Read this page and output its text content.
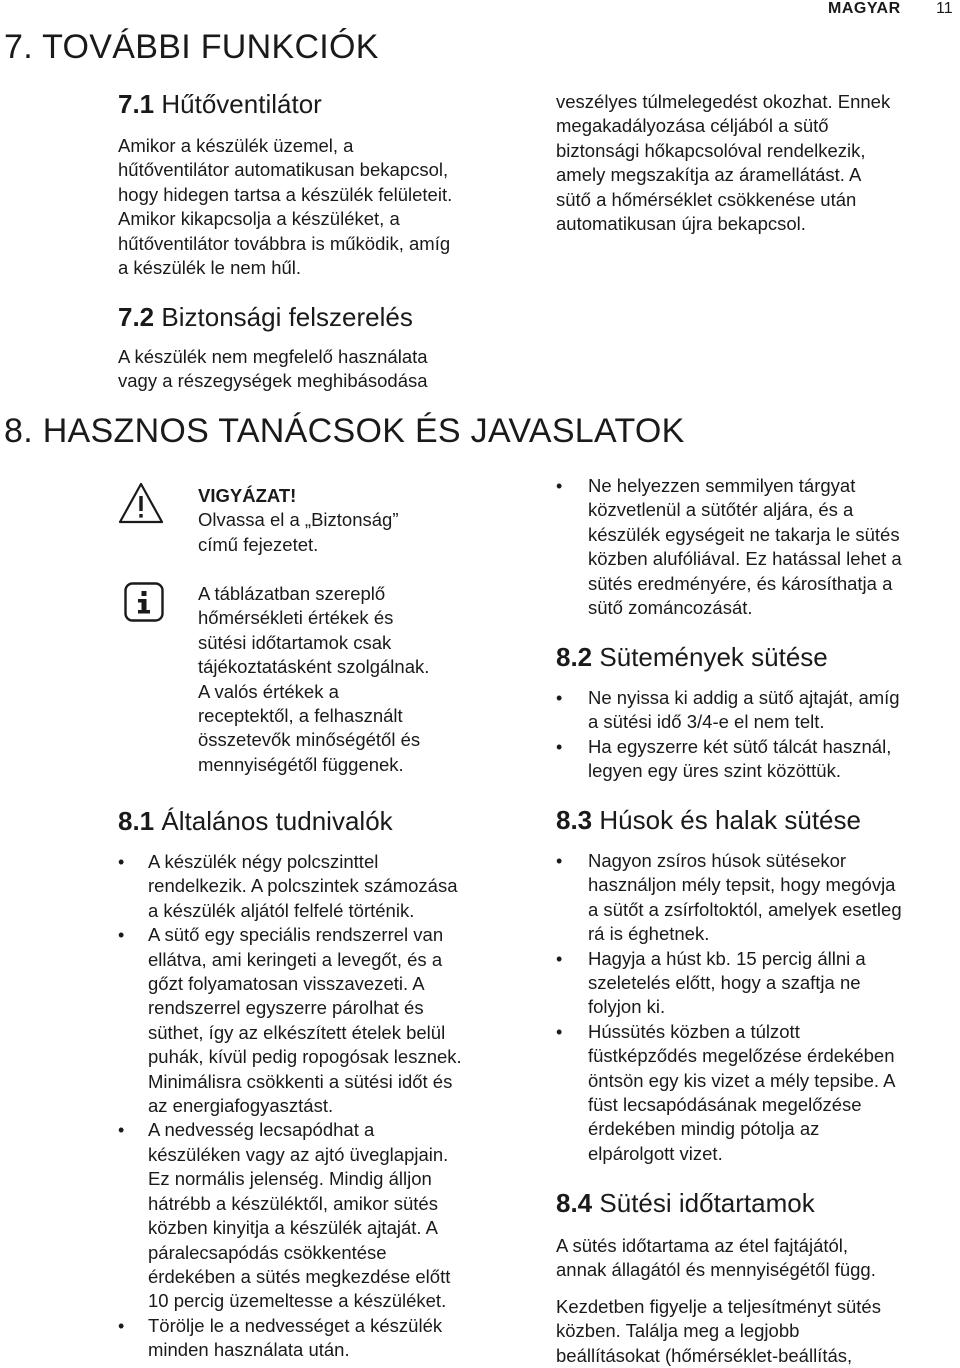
MAGYAR 11
7. TOVÁBBI FUNKCIÓK
7.1 Hűtőventilátor
Amikor a készülék üzemel, a
hűtőventilátor automatikusan bekapcsol,
hogy hidegen tartsa a készülék felületeit.
Amikor kikapcsolja a készüléket, a
hűtőventilátor továbbra is működik, amíg
a készülék le nem hűl.
7.2 Biztonsági felszerelés
A készülék nem megfelelő használata
vagy a részegységek meghibásodása
veszélyes túlmelegedést okozhat. Ennek
megakadályozása céljából a sütő
biztonsági hőkapcsolóval rendelkezik,
amely megszakítja az áramellátást. A
sütő a hőmérséklet csökkenése után
automatikusan újra bekapcsol.
8. HASZNOS TANÁCSOK ÉS JAVASLATOK
VIGYÁZAT!
Olvassa el a „Biztonság”
című fejezetet.
A táblázatban szereplő
hőmérsékleti értékek és
sütési időtartamok csak
tájékoztatásként szolgálnak.
A valós értékek a
receptektől, a felhasznált
összetevők minőségétől és
mennyiségétől függenek.
8.1 Általános tudnivalók
• A készülék négy polcszinttel
rendelkezik. A polcszintek számozása
a készülék aljától felfelé történik.
• A sütő egy speciális rendszerrel van
ellátva, ami keringeti a levegőt, és a
gőzt folyamatosan visszavezeti. A
rendszerrel egyszerre párolhat és
süthet, így az elkészített ételek belül
puhák, kívül pedig ropogósak lesznek.
Minimálisra csökkenti a sütési időt és
az energiafogyasztást.
• A nedvesség lecsapódhat a
készüléken vagy az ajtó üveglapjain.
Ez normális jelenség. Mindig álljon
hátrébb a készüléktől, amikor sütés
közben kinyitja a készülék ajtaját. A
páralecsapódás csökkentése
érdekében a sütés megkezdése előtt
10 percig üzemeltesse a készüléket.
• Törölje le a nedvességet a készülék
minden használata után.
• Ne helyezzen semmilyen tárgyat
közvetlenül a sütőtér aljára, és a
készülék egységeit ne takarja le sütés
közben alufóliával. Ez hatással lehet a
sütés eredményére, és károsíthatja a
sütő zománcozását.
8.2 Sütemények sütése
• Ne nyissa ki addig a sütő ajtaját, amíg
a sütési idő 3/4-e el nem telt.
• Ha egyszerre két sütő tálcát használ,
legyen egy üres szint közöttük.
8.3 Húsok és halak sütése
• Nagyon zsíros húsok sütésekor
használjon mély tepsit, hogy megóvja
a sütőt a zsírfoltoktól, amelyek esetleg
rá is éghetnek.
• Hagyja a húst kb. 15 percig állni a
szeletelés előtt, hogy a szaftja ne
folyjon ki.
• Hússütés közben a túlzott
füstképződés megelőzése érdekében
öntsön egy kis vizet a mély tepsibe. A
füst lecsapódásának megelőzése
érdekében mindig pótolja az
elpárolgott vizet.
8.4 Sütési időtartamok
A sütés időtartama az étel fajtájától,
annak állagától és mennyiségétől függ.
Kezdetben figyelje a teljesítményt sütés
közben. Találja meg a legjobb
beállításokat (hőmérséklet-beállítás,
